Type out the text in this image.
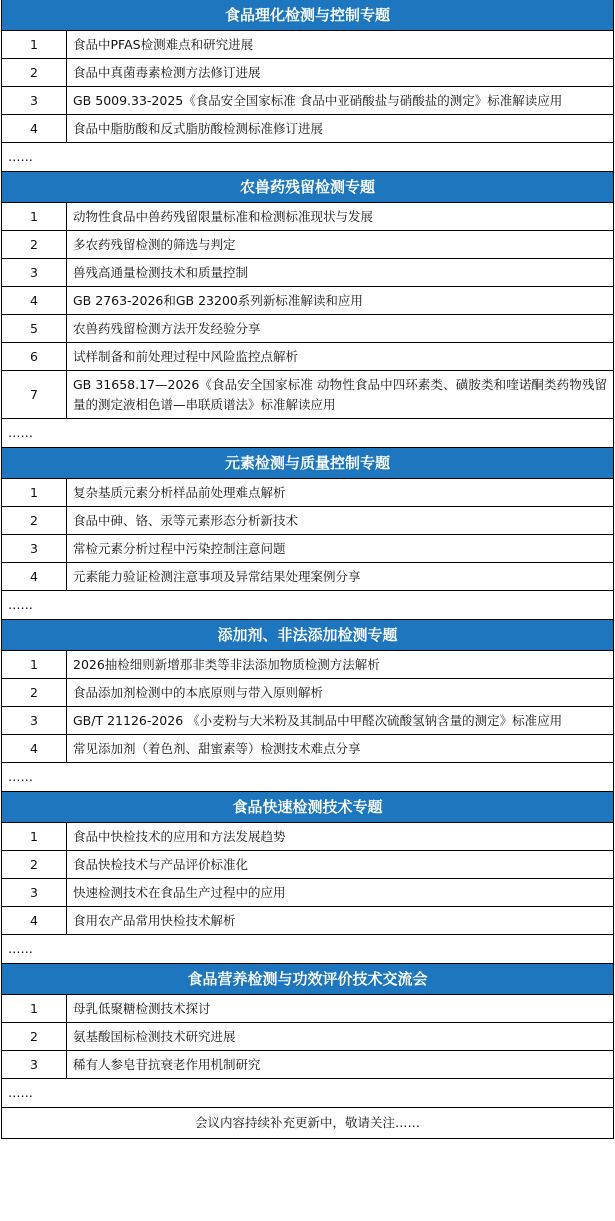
食品理化检测与控制专题
1	食品中PFAS检测难点和研究进展
2	食品中真菌毒素检测方法修订进展
3	GB 5009.33-2025《食品安全国家标准 食品中亚硝酸盐与硝酸盐的测定》标准解读应用
4	食品中脂肪酸和反式脂肪酸检测标准修订进展
……	
农兽药残留检测专题
1	动物性食品中兽药残留限量标准和检测标准现状与发展
2	多农药残留检测的筛选与判定
3	兽残高通量检测技术和质量控制
4	GB 2763-2026和GB 23200系列新标准解读和应用
5	农兽药残留检测方法开发经验分享
6	试样制备和前处理过程中风险监控点解析
7	GB 31658.17—2026《食品安全国家标准 动物性食品中四环素类、磺胺类和喹诺酮类药物残留量的测定液相色谱—串联质谱法》标准解读应用
……	
元素检测与质量控制专题
1	复杂基质元素分析样品前处理难点解析
2	食品中砷、铬、汞等元素形态分析新技术
3	常检元素分析过程中污染控制注意问题
4	元素能力验证检测注意事项及异常结果处理案例分享
……	
添加剂、非法添加检测专题
1	2026抽检细则新增那非类等非法添加物质检测方法解析
2	食品添加剂检测中的本底原则与带入原则解析
3	GB/T 21126-2026 《小麦粉与大米粉及其制品中甲醛次硫酸氢钠含量的测定》标准应用
4	常见添加剂（着色剂、甜蜜素等）检测技术难点分享
……	
食品快速检测技术专题
1	食品中快检技术的应用和方法发展趋势
2	食品快检技术与产品评价标准化
3	快速检测技术在食品生产过程中的应用
4	食用农产品常用快检技术解析
……	
食品营养检测与功效评价技术交流会
1	母乳低聚糖检测技术探讨
2	氨基酸国标检测技术研究进展
3	稀有人参皂苷抗衰老作用机制研究
……	
会议内容持续补充更新中，敬请关注……
